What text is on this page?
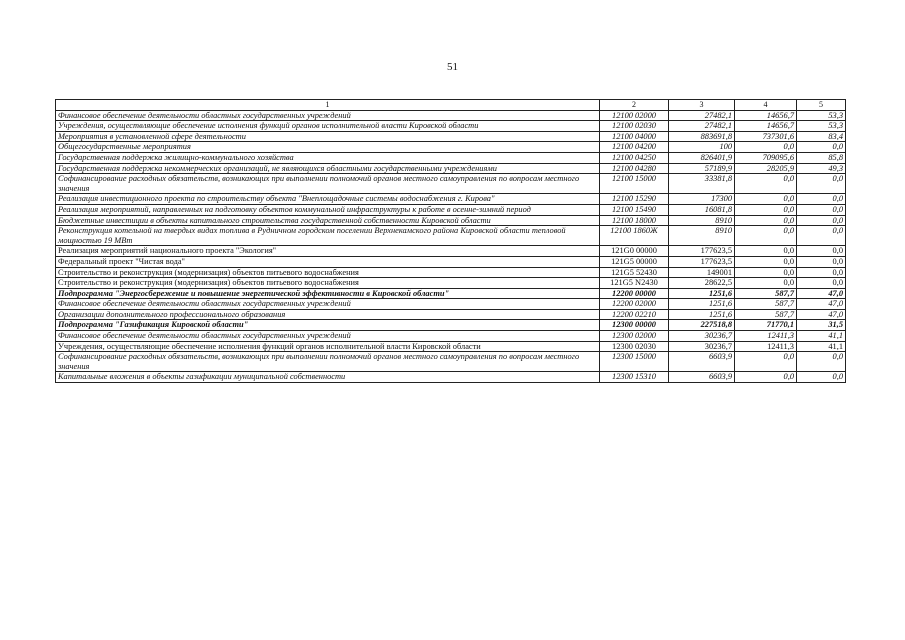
51
1	2	3	4	5
Финансовое обеспечение деятельности областных государственных учреждений	12100 02000	27482,1	14656,7	53,3
Учреждения, осуществляющие обеспечение исполнения функций органов исполнительной власти Кировской области	12100 02030	27482,1	14656,7	53,3
Мероприятия в установленной сфере деятельности	12100 04000	883691,8	737301,6	83,4
Общегосударственные мероприятия	12100 04200	100	0,0	0,0
Государственная поддержка жилищно-коммунального хозяйства	12100 04250	826401,9	709095,6	85,8
Государственная поддержка некоммерческих организаций, не являющихся областными государственными учреждениями	12100 04280	57189,9	28205,9	49,3
Софинансирование расходных обязательств, возникающих при выполнении полномочий органов местного самоуправления по вопросам местного значения	12100 15000	33381,8	0,0	0,0
Реализация инвестиционного проекта по строительству объекта "Внеплощадочные системы водоснабжения г. Кирова"	12100 15290	17300	0,0	0,0
Реализация мероприятий, направленных на подготовку объектов коммунальной инфраструктуры к работе в осенне-зимний период	12100 15490	16081,8	0,0	0,0
Бюджетные инвестиции в объекты капитального строительства государственной собственности Кировской области	12100 18000	8910	0,0	0,0
Реконструкция котельной на твердых видах топлива в Рудничном городском поселении Верхнекамского района Кировской области тепловой мощностью 19 МВт	12100 1860Ж	8910	0,0	0,0
Реализация мероприятий национального проекта "Экология"	121G0 00000	177623,5	0,0	0,0
Федеральный проект "Чистая вода"	121G5 00000	177623,5	0,0	0,0
Строительство и реконструкция (модернизация) объектов питьевого водоснабжения	121G5 52430	149001	0,0	0,0
Строительство и реконструкция (модернизация) объектов питьевого водоснабжения	121G5 N2430	28622,5	0,0	0,0
Подпрограмма "Энергосбережение и повышение энергетической эффективности в Кировской области"	12200 00000	1251,6	587,7	47,0
Финансовое обеспечение деятельности областных государственных учреждений	12200 02000	1251,6	587,7	47,0
Организации дополнительного профессионального образования	12200 02210	1251,6	587,7	47,0
Подпрограмма "Газификация Кировской области"	12300 00000	227518,8	71770,1	31,5
Финансовое обеспечение деятельности областных государственных учреждений	12300 02000	30236,7	12411,3	41,1
Учреждения, осуществляющие обеспечение исполнения функций органов исполнительной власти Кировской области	12300 02030	30236,7	12411,3	41,1
Софинансирование расходных обязательств, возникающих при выполнении полномочий органов местного самоуправления по вопросам местного значения	12300 15000	6603,9	0,0	0,0
Капитальные вложения в объекты газификации муниципальной собственности	12300 15310	6603,9	0,0	0,0
